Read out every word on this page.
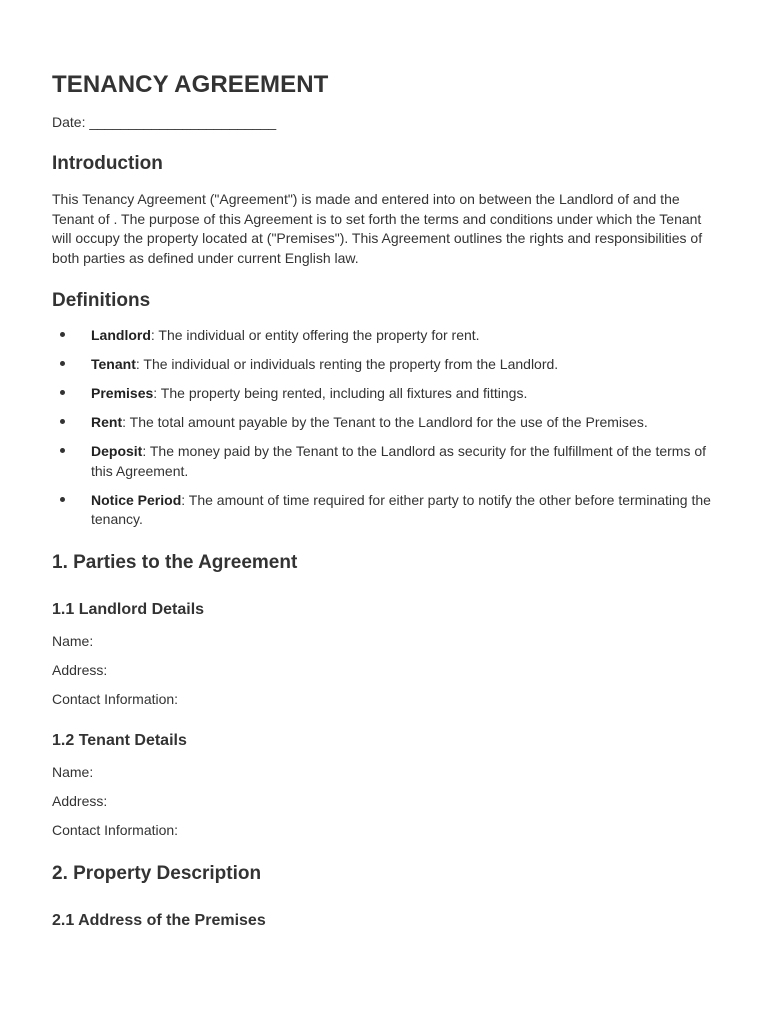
TENANCY AGREEMENT
Date: ________________________
Introduction

This Tenancy Agreement ("Agreement") is made and entered into on between the Landlord of and the Tenant of . The purpose of this Agreement is to set forth the terms and conditions under which the Tenant will occupy the property located at ("Premises"). This Agreement outlines the rights and responsibilities of both parties as defined under current English law.

Definitions
Landlord: The individual or entity offering the property for rent.
Tenant: The individual or individuals renting the property from the Landlord.
Premises: The property being rented, including all fixtures and fittings.
Rent: The total amount payable by the Tenant to the Landlord for the use of the Premises.
Deposit: The money paid by the Tenant to the Landlord as security for the fulfillment of the terms of this Agreement.
Notice Period: The amount of time required for either party to notify the other before terminating the tenancy.
1. Parties to the Agreement
1.1 Landlord Details
Name:
Address:
Contact Information:
1.2 Tenant Details
Name:
Address:
Contact Information:
2. Property Description
2.1 Address of the Premises
